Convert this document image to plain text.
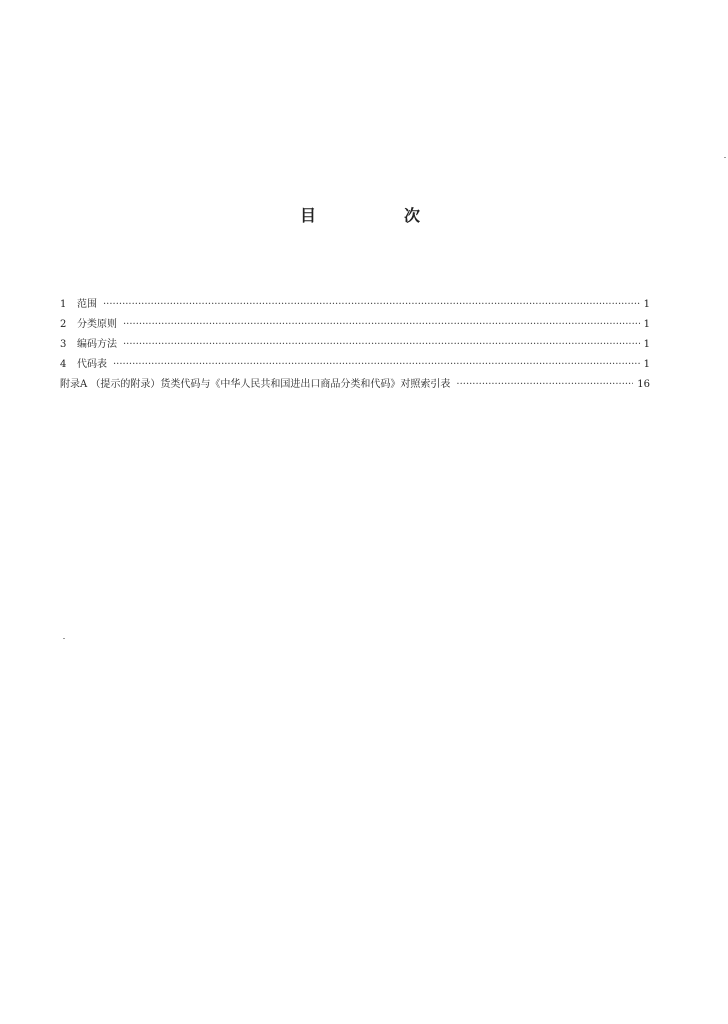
目	次
1	范围 ·····	1
2	分类原则 ·····	1
3	编码方法 ·····	1
4	代码表 ·····	1
附录A （提示的附录）货类代码与《中华人民共和国进出口商品分类和代码》对照索引表 ·····	16
